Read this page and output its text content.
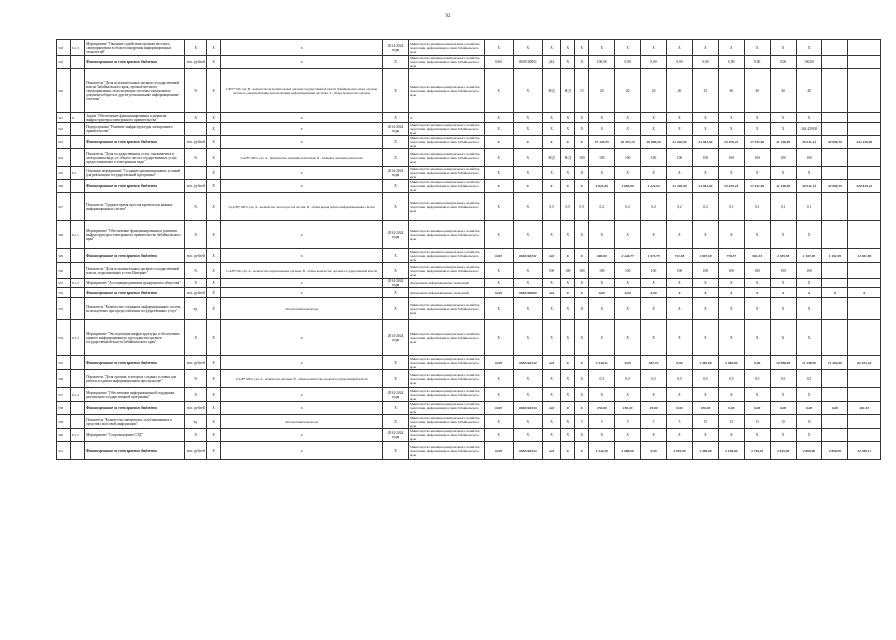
92
318	6.1.3	Мероприятие "Оказание содействия органам местного самоуправления в области внедрения информационных технологий"	X	X	X	2014-2024 годы	Министерство жилищно-коммунального хозяйства, энергетики, цифровизации и связи Забайкальского края	X	X	X	X	X	X	X	X	X	X	X	X	X	X		
319		Финансирование за счет краевого бюджета	тыс. рублей	X	X	X	Министерство жилищно-коммунального хозяйства, энергетики, цифровизации и связи Забайкальского края	0410	0630160001	242	X	X	100,00	0,00	0,00	0,00	0,00	0,00	0,00	0,00	100,00		
320		Показатель "Доля исполнительных органов государственной власти Забайкальского края, органов местного самоуправления, использующих системы электронного документооборота и другие региональные информационные системы"	%	X	I=B/T*100, где: B - количество исполнительных органов государственной власти Забайкальского края, органов местного самоуправления, использующих информационные системы; T - общее количество органов	X	Министерство жилищно-коммунального хозяйства, энергетики, цифровизации и связи Забайкальского края	X	X	Н/Д	Н/Д	15	20	20	20	20	25	40	40	40	40		
321	8	Задача "Обеспечение функционирования и развития инфраструктуры электронного правительства"	X	X	X	X	X	X	X	X	X	X	X	X	X	X	X	X	X	X	X		
322		Подпрограмма "Развитие инфраструктуры электронного правительства"		X	X	2014-2024 годы	Министерство жилищно-коммунального хозяйства, энергетики, цифровизации и связи Забайкальского края	X	X	X	X	X	X	X	X	X	X	X	X	X	344 429,00		
323		Финансирование за счет краевого бюджета	тыс. рублей	X	X	X	Министерство жилищно-коммунального хозяйства, энергетики, цифровизации и связи Забайкальского края	X	X	X	X	X	37 449,35	29 457,19	20 880,29	21 226,30	24 384,30	23 970,44	17 011,60	41 138,99	39 041,44	40 080,19	344 429,00
324		Показатель "Доля государственных услуг, оказываемых в электронном виде, от общего числа государственных услуг, предоставляемых в электронном виде"	%	X	I=A/B*100%, где: A - фактическое значение показателя; B - плановое значение показателя	X	Министерство жилищно-коммунального хозяйства, энергетики, цифровизации и связи Забайкальского края	X	X	Н/Д	Н/Д	100	100	100	100	100	100	100	100	100	100		
325	8.1	Основное мероприятие "Создание организационных условий для реализации государственной программы"		X	X	2014-2024 годы	Министерство жилищно-коммунального хозяйства, энергетики, цифровизации и связи Забайкальского края	X	X	X	X	X	X	X	X	X	X	X	X	X	X		
326		Финансирование за счет краевого бюджета	тыс. рублей	X	X	X	Министерство жилищно-коммунального хозяйства, энергетики, цифровизации и связи Забайкальского края	X	X	X	X	X	9 621,65	4 685,99	4 244,02	21 226,30	24 384,30	23 970,44	17 011,60	41 138,99	39 041,44	40 080,19	229 843,42
327		Показатель "Среднее время простоя критически важных информационных систем"	%	X	I=(A/B)*100%, где: A - количество часов простоя систем; B - общее время работы информационных систем	X	Министерство жилищно-коммунального хозяйства, энергетики, цифровизации и связи Забайкальского края	X	X	0,5	0,5	0,5	0,2	0,2	0,2	0,2	0,2	0,1	0,1	0,1	0,1		
328	8.1.1	Мероприятие "Обеспечение функционирования и развития инфраструктуры электронного правительства Забайкальского края"	X	X	X	2014-2024 годы	Министерство жилищно-коммунального хозяйства, энергетики, цифровизации и связи Забайкальского края	X	X	X	X	X	X	X	X	X	X	X	X	X	X		
329		Финансирование за счет краевого бюджета	тыс. рублей	X	X	X	Министерство жилищно-коммунального хозяйства, энергетики, цифровизации и связи Забайкальского края	0410	0630160131	242	X	X	600,00	2 446,77	1 371,75	711,58	1 067,18	778,57	961,33	2 185,58	1 167,00	1 161,99	12 361,99
330		Показатель "Доля исполнительных органов государственной власти, подключенных к сети Интернет"	%	X	I=A/B*100, где: A - количество подключенных органов; B - общее количество органов государственной власти	X	Министерство жилищно-коммунального хозяйства, энергетики, цифровизации и связи Забайкальского края	X	X	100	100	100	100	100	100	100	100	100	100	100	100		
331	8.1.2	Мероприятие "Ассоциация развития гражданского общества"	X	X	X	2014-2024 годы	Департамент информационных технологий	X	X	X	X	X	X	X	X	X	X	X	X	X	X		
332		Финансирование за счет краевого бюджета	тыс. рублей	X	X	X	Департамент информационных технологий	0410	0630160000	242	X	X	0,00	0,00	0,00	X	X	X	X	X	X	X	X
333		Показатель "Количество созданных информационных систем, используемых при предоставлении государственных услуг"	ед.	X	Абсолютный показатель	X	Министерство жилищно-коммунального хозяйства, энергетики, цифровизации и связи Забайкальского края	X	X	X	X	X	X	X	X	X	X	X	X	X	X		
334	8.1.3	Мероприятие "Эксплуатация инфраструктуры и обеспечение единого информационного пространства органов государственной власти Забайкальского края"	X	X	X	2014-2024 годы	Министерство жилищно-коммунального хозяйства, энергетики, цифровизации и связи Забайкальского края	X	X	X	X	X	X	X	X	X	X	X	X	X	X		
335		Финансирование за счет краевого бюджета	тыс. рублей	X	X	X	Министерство жилищно-коммунального хозяйства, энергетики, цифровизации и связи Забайкальского края	0410	0630160132	242	X	X	7 249,11	0,00	567,72	0,00	1 465,00	2 008,90	0,00	19 588,99	11 438,99	11 492,00	62 251,42
336		Показатель "Доля органов, в которых созданы условия для работы в едином информационном пространстве"	%	X	I=A/B*100%, где: A - количество органов; B - общее количество органов государственной власти	X	Министерство жилищно-коммунального хозяйства, энергетики, цифровизации и связи Забайкальского края	X	X	X	X	X	0,5	0,5	0,5	0,5	0,5	0,5	0,5	0,5	0,5		
337	8.1.4	Мероприятие "Обеспечение информационной поддержки реализации государственной программы"	X	X	X	2014-2024 годы	Министерство жилищно-коммунального хозяйства, энергетики, цифровизации и связи Забайкальского края	X	X	X	X	X	X	X	X	X	X	X	X	X	X		
338		Финансирование за счет краевого бюджета	тыс. рублей	X	X	X	Министерство жилищно-коммунального хозяйства, энергетики, цифровизации и связи Забайкальского края	0410	0630160133	242	X	X	150,00	156,33	25,00	0,00	150,00	0,00	0,00	0,00	0,00	0,00	481,33
339		Показатель "Количество материалов, опубликованных в средствах массовой информации"	ед.	X	Абсолютный показатель	X	Министерство жилищно-коммунального хозяйства, энергетики, цифровизации и связи Забайкальского края	X	X	X	X	5	5	5	5	5	15	15	15	15	15		
340	8.1.5	Мероприятие "Сопровождение СЭД"	X	X	X	2014-2024 годы	Министерство жилищно-коммунального хозяйства, энергетики, цифровизации и связи Забайкальского края	X	X	X	X	X	X	X	X	X	X	X	X	X	X		
341		Финансирование за счет краевого бюджета	тыс. рублей	X	X	X	Министерство жилищно-коммунального хозяйства, энергетики, цифровизации и связи Забайкальского края	0410	0630160134	242	X	X	1 544,20	2 088,00	0,00	2 001,00	1 460,00	2 158,00	2 716,91	2 615,00	2 800,00	2 800,00	22 780,11
